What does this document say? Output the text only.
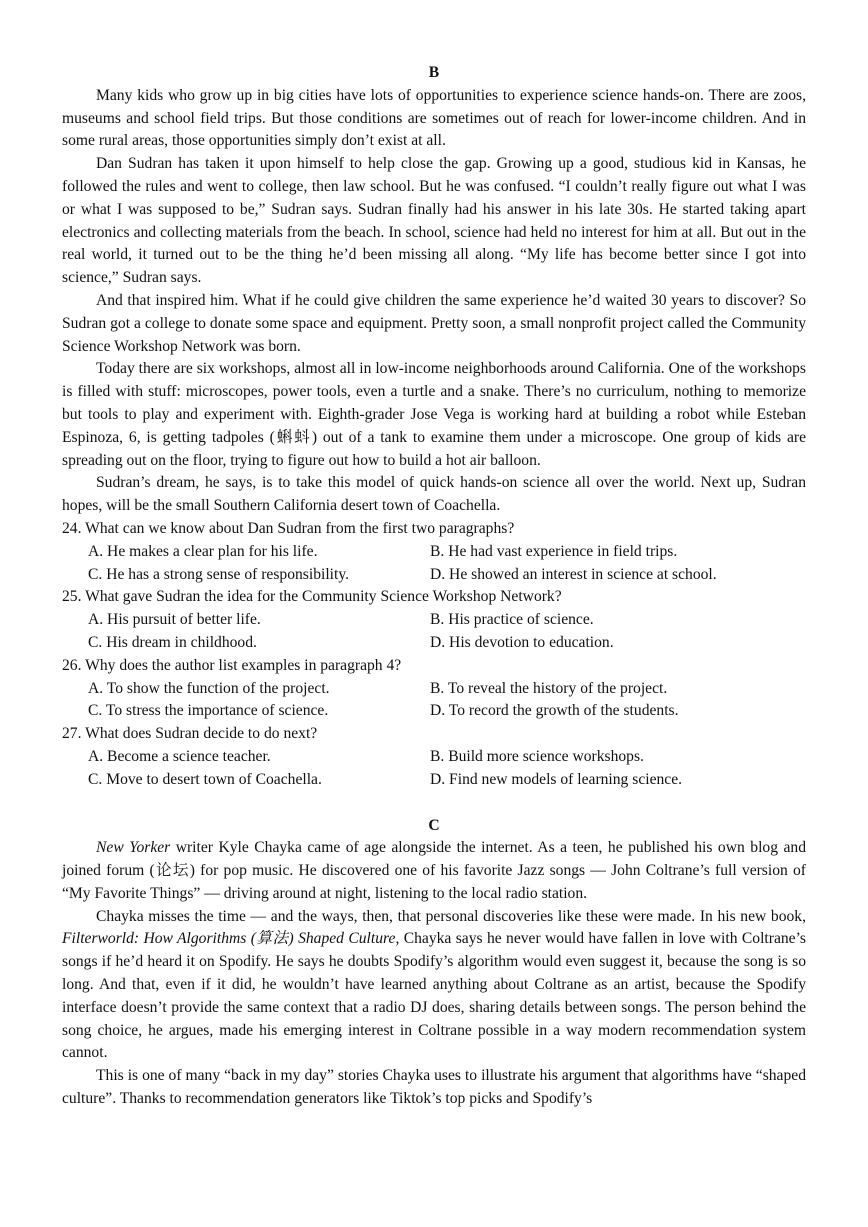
B

Many kids who grow up in big cities have lots of opportunities to experience science hands-on. There are zoos, museums and school field trips. But those conditions are sometimes out of reach for lower-income children. And in some rural areas, those opportunities simply don’t exist at all.

Dan Sudran has taken it upon himself to help close the gap. Growing up a good, studious kid in Kansas, he followed the rules and went to college, then law school. But he was confused. “I couldn’t really figure out what I was or what I was supposed to be,” Sudran says. Sudran finally had his answer in his late 30s. He started taking apart electronics and collecting materials from the beach. In school, science had held no interest for him at all. But out in the real world, it turned out to be the thing he’d been missing all along. “My life has become better since I got into science,” Sudran says.

And that inspired him. What if he could give children the same experience he’d waited 30 years to discover? So Sudran got a college to donate some space and equipment. Pretty soon, a small nonprofit project called the Community Science Workshop Network was born.

Today there are six workshops, almost all in low-income neighborhoods around California. One of the workshops is filled with stuff: microscopes, power tools, even a turtle and a snake. There’s no curriculum, nothing to memorize but tools to play and experiment with. Eighth-grader Jose Vega is working hard at building a robot while Esteban Espinoza, 6, is getting tadpoles (蝌蚪) out of a tank to examine them under a microscope. One group of kids are spreading out on the floor, trying to figure out how to build a hot air balloon.

Sudran’s dream, he says, is to take this model of quick hands-on science all over the world. Next up, Sudran hopes, will be the small Southern California desert town of Coachella.

24. What can we know about Dan Sudran from the first two paragraphs?
A. He makes a clear plan for his life.	B. He had vast experience in field trips.
C. He has a strong sense of responsibility.	D. He showed an interest in science at school.
25. What gave Sudran the idea for the Community Science Workshop Network?
A. His pursuit of better life.	B. His practice of science.
C. His dream in childhood.	D. His devotion to education.
26. Why does the author list examples in paragraph 4?
A. To show the function of the project.	B. To reveal the history of the project.
C. To stress the importance of science.	D. To record the growth of the students.
27. What does Sudran decide to do next?
A. Become a science teacher.	B. Build more science workshops.
C. Move to desert town of Coachella.	D. Find new models of learning science.
C

New Yorker writer Kyle Chayka came of age alongside the internet. As a teen, he published his own blog and joined forum (论坛) for pop music. He discovered one of his favorite Jazz songs — John Coltrane’s full version of “My Favorite Things” — driving around at night, listening to the local radio station.

Chayka misses the time — and the ways, then, that personal discoveries like these were made. In his new book, Filterworld: How Algorithms (算法) Shaped Culture, Chayka says he never would have fallen in love with Coltrane’s songs if he’d heard it on Spodify. He says he doubts Spodify’s algorithm would even suggest it, because the song is so long. And that, even if it did, he wouldn’t have learned anything about Coltrane as an artist, because the Spodify interface doesn’t provide the same context that a radio DJ does, sharing details between songs. The person behind the song choice, he argues, made his emerging interest in Coltrane possible in a way modern recommendation system cannot.

This is one of many “back in my day” stories Chayka uses to illustrate his argument that algorithms have “shaped culture”. Thanks to recommendation generators like Tiktok’s top picks and Spodify’s
